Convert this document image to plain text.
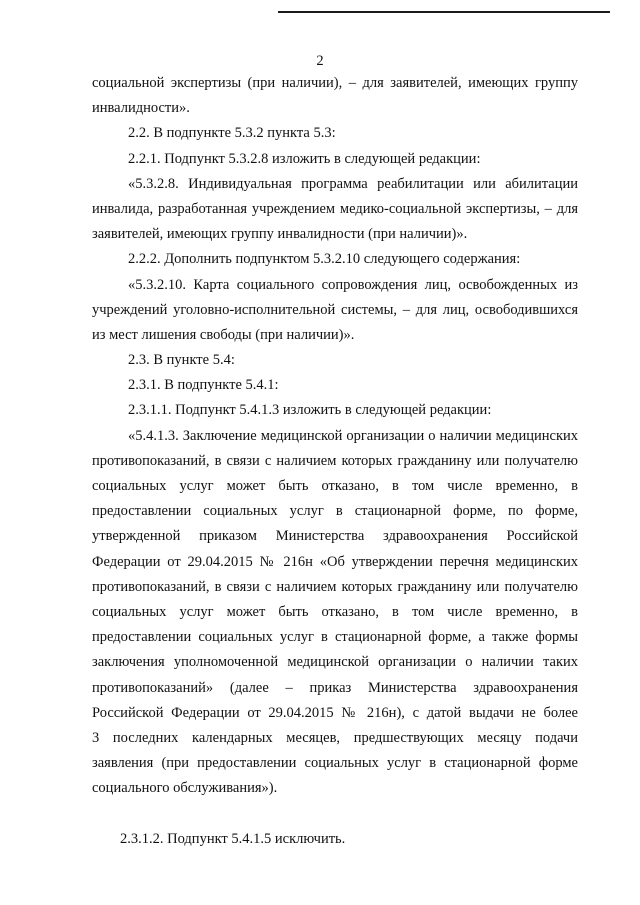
2
социальной экспертизы (при наличии), – для заявителей, имеющих группу
инвалидности».
2.2. В подпункте 5.3.2 пункта 5.3:
2.2.1. Подпункт 5.3.2.8 изложить в следующей редакции:
«5.3.2.8. Индивидуальная программа реабилитации или абилитации
инвалида, разработанная учреждением медико-социальной экспертизы, – для
заявителей, имеющих группу инвалидности (при наличии)».
2.2.2. Дополнить подпунктом 5.3.2.10 следующего содержания:
«5.3.2.10. Карта социального сопровождения лиц, освобожденных из
учреждений уголовно-исполнительной системы, – для лиц, освободившихся
из мест лишения свободы (при наличии)».
2.3. В пункте 5.4:
2.3.1. В подпункте 5.4.1:
2.3.1.1. Подпункт 5.4.1.3 изложить в следующей редакции:
«5.4.1.3. Заключение медицинской организации о наличии медицинских
противопоказаний, в связи с наличием которых гражданину или получателю
социальных услуг может быть отказано, в том числе временно, в
предоставлении социальных услуг в стационарной форме, по форме,
утвержденной приказом Министерства здравоохранения Российской
Федерации от 29.04.2015 № 216н «Об утверждении перечня медицинских
противопоказаний, в связи с наличием которых гражданину или получателю
социальных услуг может быть отказано, в том числе временно, в
предоставлении социальных услуг в стационарной форме, а также формы
заключения уполномоченной медицинской организации о наличии таких
противопоказаний» (далее – приказ Министерства здравоохранения
Российской Федерации от 29.04.2015 № 216н), с датой выдачи не более
3 последних календарных месяцев, предшествующих месяцу подачи
заявления (при предоставлении социальных услуг в стационарной форме
социального обслуживания»).
2.3.1.2. Подпункт 5.4.1.5 исключить.
